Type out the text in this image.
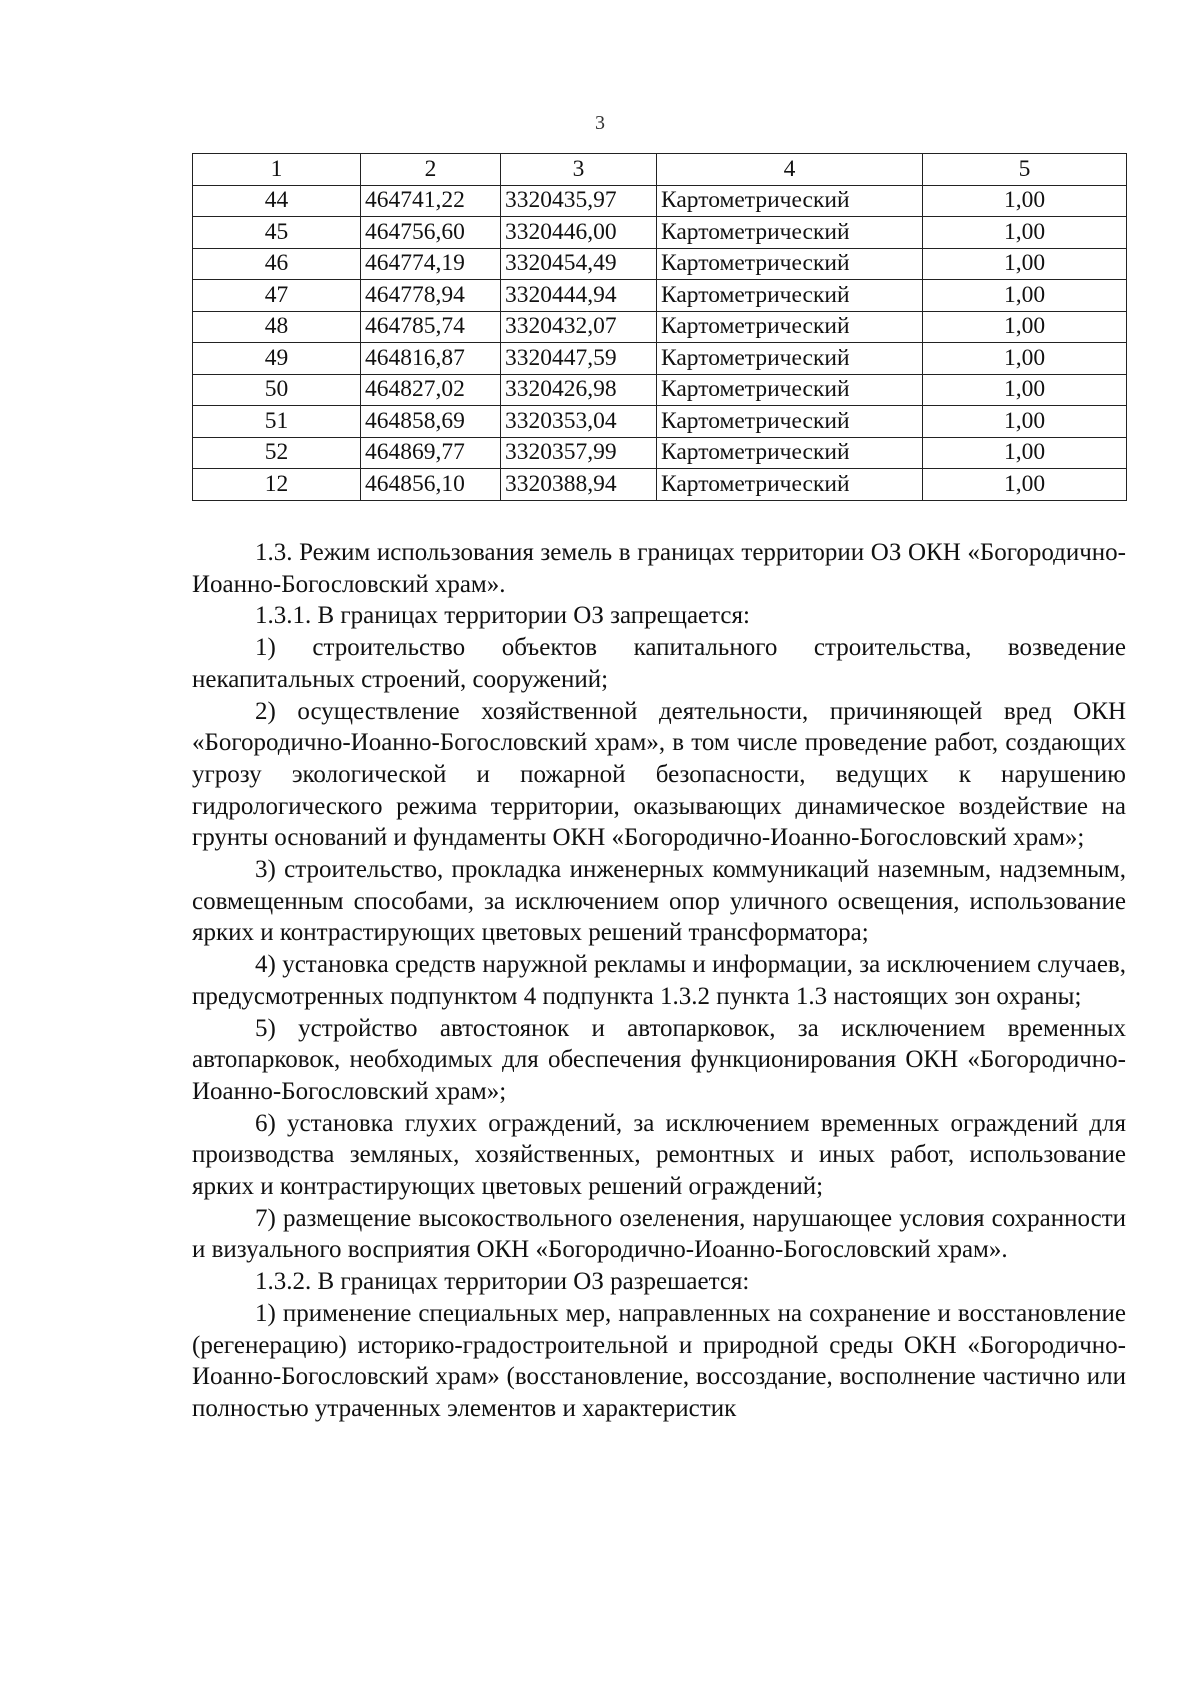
3
1	2	3	4	5
44	464741,22	3320435,97	Картометрический	1,00
45	464756,60	3320446,00	Картометрический	1,00
46	464774,19	3320454,49	Картометрический	1,00
47	464778,94	3320444,94	Картометрический	1,00
48	464785,74	3320432,07	Картометрический	1,00
49	464816,87	3320447,59	Картометрический	1,00
50	464827,02	3320426,98	Картометрический	1,00
51	464858,69	3320353,04	Картометрический	1,00
52	464869,77	3320357,99	Картометрический	1,00
12	464856,10	3320388,94	Картометрический	1,00

1.3. Режим использования земель в границах территории ОЗ ОКН «Богородично-Иоанно-Богословский храм».

1.3.1. В границах территории ОЗ запрещается:

1) строительство объектов капитального строительства, возведение некапитальных строений, сооружений;

2) осуществление хозяйственной деятельности, причиняющей вред ОКН «Богородично-Иоанно-Богословский храм», в том числе проведение работ, создающих угрозу экологической и пожарной безопасности, ведущих к нарушению гидрологического режима территории, оказывающих динамическое воздействие на грунты оснований и фундаменты ОКН «Богородично-Иоанно-Богословский храм»;

3) строительство, прокладка инженерных коммуникаций наземным, надземным, совмещенным способами, за исключением опор уличного освещения, использование ярких и контрастирующих цветовых решений трансформатора;

4) установка средств наружной рекламы и информации, за исключением случаев, предусмотренных подпунктом 4 подпункта 1.3.2 пункта 1.3 настоящих зон охраны;

5) устройство автостоянок и автопарковок, за исключением временных автопарковок, необходимых для обеспечения функционирования ОКН «Богородично-Иоанно-Богословский храм»;

6) установка глухих ограждений, за исключением временных ограждений для производства земляных, хозяйственных, ремонтных и иных работ, использование ярких и контрастирующих цветовых решений ограждений;

7) размещение высокоствольного озеленения, нарушающее условия сохранности и визуального восприятия ОКН «Богородично-Иоанно-Богословский храм».

1.3.2. В границах территории ОЗ разрешается:

1) применение специальных мер, направленных на сохранение и восстановление (регенерацию) историко-градостроительной и природной среды ОКН «Богородично-Иоанно-Богословский храм» (восстановление, воссоздание, восполнение частично или полностью утраченных элементов и характеристик
